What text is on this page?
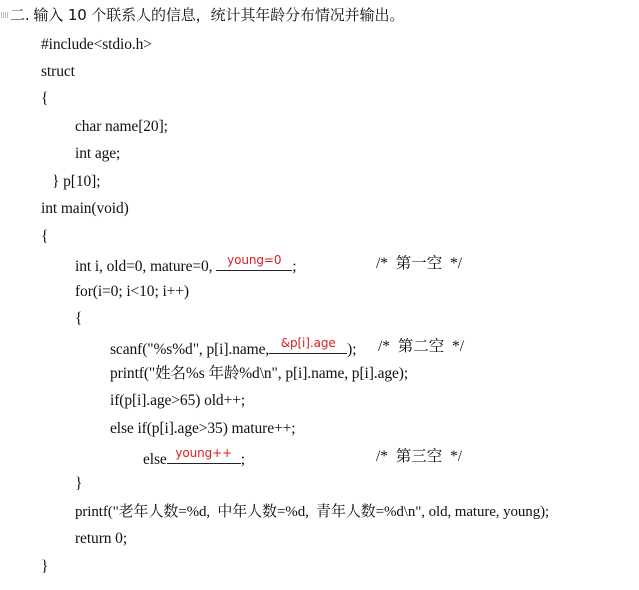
二. 输入 10 个联系人的信息，统计其年龄分布情况并输出。
#include<stdio.h>
struct
{
char name[20];
int age;
} p[10];
int main(void)
{
int i, old=0, mature=0,	young=0 ;	/*  第一空  */
for(i=0; i<10; i++)
{
scanf("%s%d", p[i].name, &p[i].age ); /*  第二空  */
printf("姓名%s 年龄%d\n", p[i].name, p[i].age);
if(p[i].age>65) old++;
else if(p[i].age>35) mature++;
else young++ ;	/*  第三空  */
}
printf("老年人数=%d,  中年人数=%d,  青年人数=%d\n", old, mature, young);
return 0;
}
